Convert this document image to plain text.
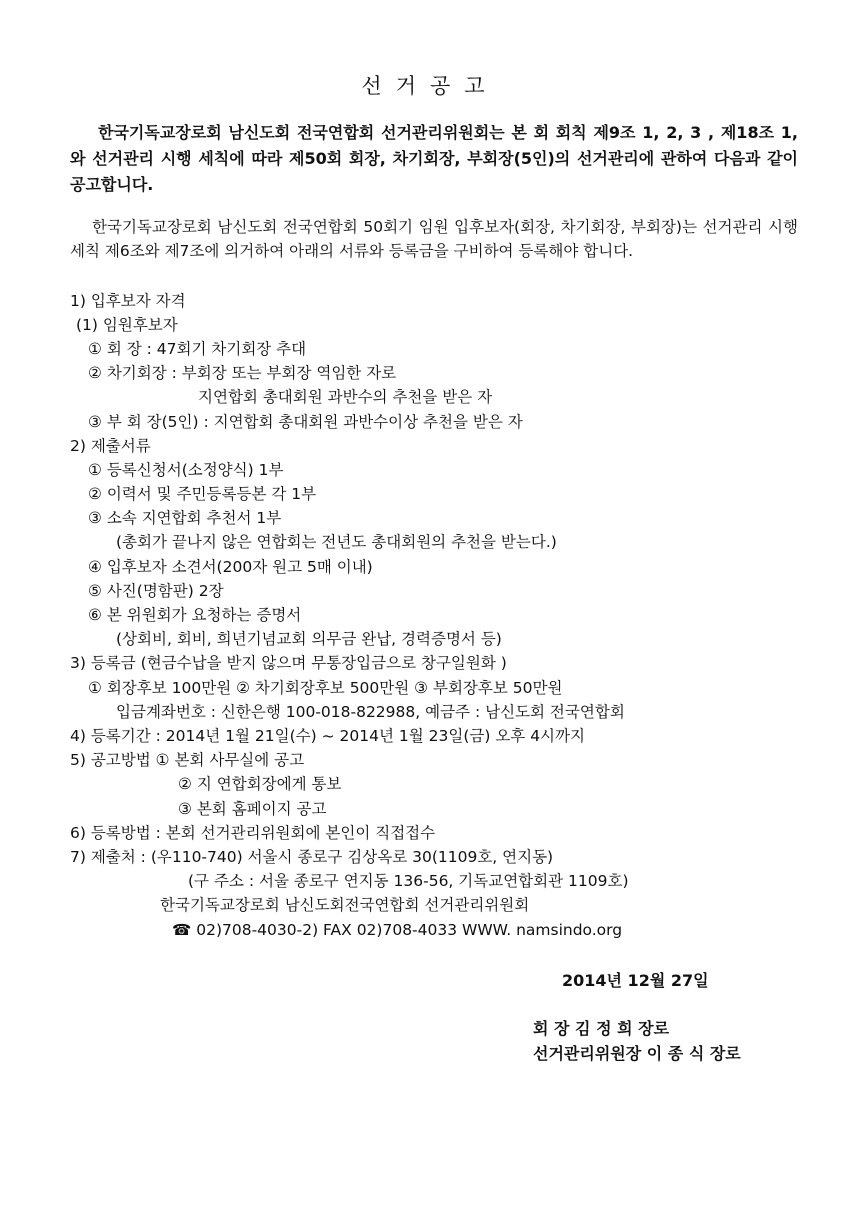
선거공고
한국기독교장로회 남신도회 전국연합회 선거관리위원회는 본 회 회칙 제9조 1, 2, 3 , 제18조 1,와 선거관리 시행 세칙에 따라 제50회 회장, 차기회장, 부회장(5인)의 선거관리에 관하여 다음과 같이 공고합니다.
한국기독교장로회 남신도회 전국연합회 50회기 임원 입후보자(회장, 차기회장, 부회장)는 선거관리 시행 세칙 제6조와 제7조에 의거하여 아래의 서류와 등록금을 구비하여 등록해야 합니다.
1) 입후보자 자격
(1) 임원후보자
① 회 장 : 47회기 차기회장 추대
② 차기회장 : 부회장 또는 부회장 역임한 자로
지연합회 총대회원 과반수의 추천을 받은 자
③ 부 회 장(5인) : 지연합회 총대회원 과반수이상 추천을 받은 자
2) 제출서류
① 등록신청서(소정양식) 1부
② 이력서 및 주민등록등본 각 1부
③ 소속 지연합회 추천서 1부
(총회가 끝나지 않은 연합회는 전년도 총대회원의 추천을 받는다.)
④ 입후보자 소견서(200자 원고 5매 이내)
⑤ 사진(명함판) 2장
⑥ 본 위원회가 요청하는 증명서
(상회비, 회비, 희년기념교회 의무금 완납, 경력증명서 등)
3) 등록금 (현금수납을 받지 않으며 무통장입금으로 창구일원화 )
① 회장후보 100만원 ② 차기회장후보 500만원 ③ 부회장후보 50만원
입금계좌번호 : 신한은행 100-018-822988, 예금주 : 남신도회 전국연합회
4) 등록기간 : 2014년 1월 21일(수) ~ 2014년 1월 23일(금) 오후 4시까지
5) 공고방법 ① 본회 사무실에 공고
② 지 연합회장에게 통보
③ 본회 홈페이지 공고
6) 등록방법 : 본회 선거관리위원회에 본인이 직접접수
7) 제출처 : (우110-740) 서울시 종로구 김상옥로 30(1109호, 연지동)
(구 주소 : 서울 종로구 연지동 136-56, 기독교연합회관 1109호)
한국기독교장로회 남신도회전국연합회 선거관리위원회
☎ 02)708-4030-2) FAX 02)708-4033 WWW. namsindo.org
2014년 12월 27일
회 장 김 정 희 장로
선거관리위원장 이 종 식 장로
